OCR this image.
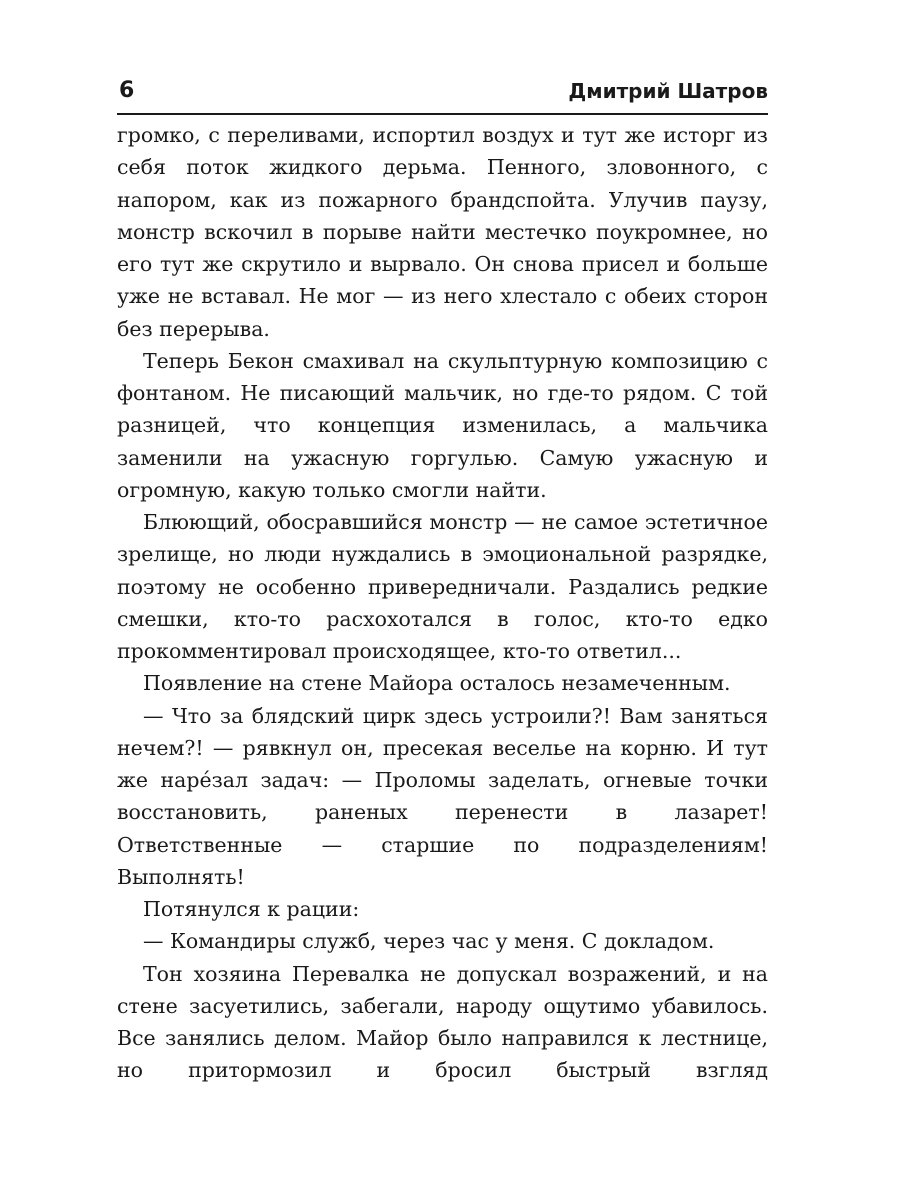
6	Дмитрий Шатров

громко, с переливами, испортил воздух и тут же исторг из себя поток жидкого дерьма. Пенного, зловонного, с напором, как из пожарного брандспойта. Улучив паузу, монстр вскочил в порыве найти местечко поукромнее, но его тут же скрутило и вырвало. Он снова присел и больше уже не вставал. Не мог — из него хлестало с обеих сторон без перерыва.

Теперь Бекон смахивал на скульптурную композицию с фонтаном. Не писающий мальчик, но где-то рядом. С той разницей, что концепция изменилась, а мальчика заменили на ужасную горгулью. Самую ужасную и огромную, какую только смогли найти.

Блюющий, обосравшийся монстр — не самое эстетичное зрелище, но люди нуждались в эмоциональной разрядке, поэтому не особенно привередничали. Раздались редкие смешки, кто-то расхохотался в голос, кто-то едко прокомментировал происходящее, кто-то ответил...

Появление на стене Майора осталось незамеченным.

— Что за блядский цирк здесь устроили?! Вам заняться нечем?! — рявкнул он, пресекая веселье на корню. И тут же нарéзал задач: — Проломы заделать, огневые точки восстановить, раненых перенести в лазарет! Ответственные — старшие по подразделениям! Выполнять!

Потянулся к рации:

— Командиры служб, через час у меня. С докладом.

Тон хозяина Перевалка не допускал возражений, и на стене засуетились, забегали, народу ощутимо убавилось. Все занялись делом. Майор было направился к лестнице, но притормозил и бросил быстрый взгляд
